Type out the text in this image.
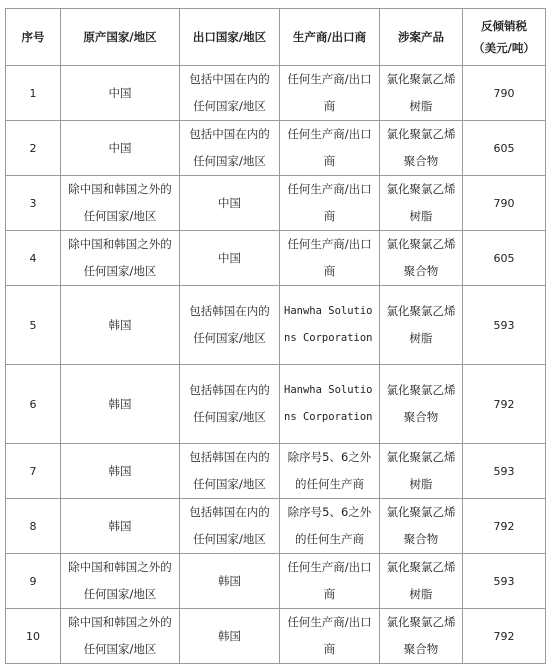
序号	原产国家/地区	出口国家/地区	生产商/出口商	涉案产品	反倾销税
（美元/吨）

1	中国	包括中国在内的任何国家/地区	任何生产商/出口商	氯化聚氯乙烯树脂	790
2	中国	包括中国在内的任何国家/地区	任何生产商/出口商	氯化聚氯乙烯聚合物	605
3	除中国和韩国之外的任何国家/地区	中国	任何生产商/出口商	氯化聚氯乙烯树脂	790
4	除中国和韩国之外的任何国家/地区	中国	任何生产商/出口商	氯化聚氯乙烯聚合物	605
5	韩国	包括韩国在内的任何国家/地区	Hanwha Solutions Corporation	氯化聚氯乙烯树脂	593
6	韩国	包括韩国在内的任何国家/地区	Hanwha Solutions Corporation	氯化聚氯乙烯聚合物	792
7	韩国	包括韩国在内的任何国家/地区	除序号5、6之外的任何生产商	氯化聚氯乙烯树脂	593
8	韩国	包括韩国在内的任何国家/地区	除序号5、6之外的任何生产商	氯化聚氯乙烯聚合物	792
9	除中国和韩国之外的任何国家/地区	韩国	任何生产商/出口商	氯化聚氯乙烯树脂	593
10	除中国和韩国之外的任何国家/地区	韩国	任何生产商/出口商	氯化聚氯乙烯聚合物	792
